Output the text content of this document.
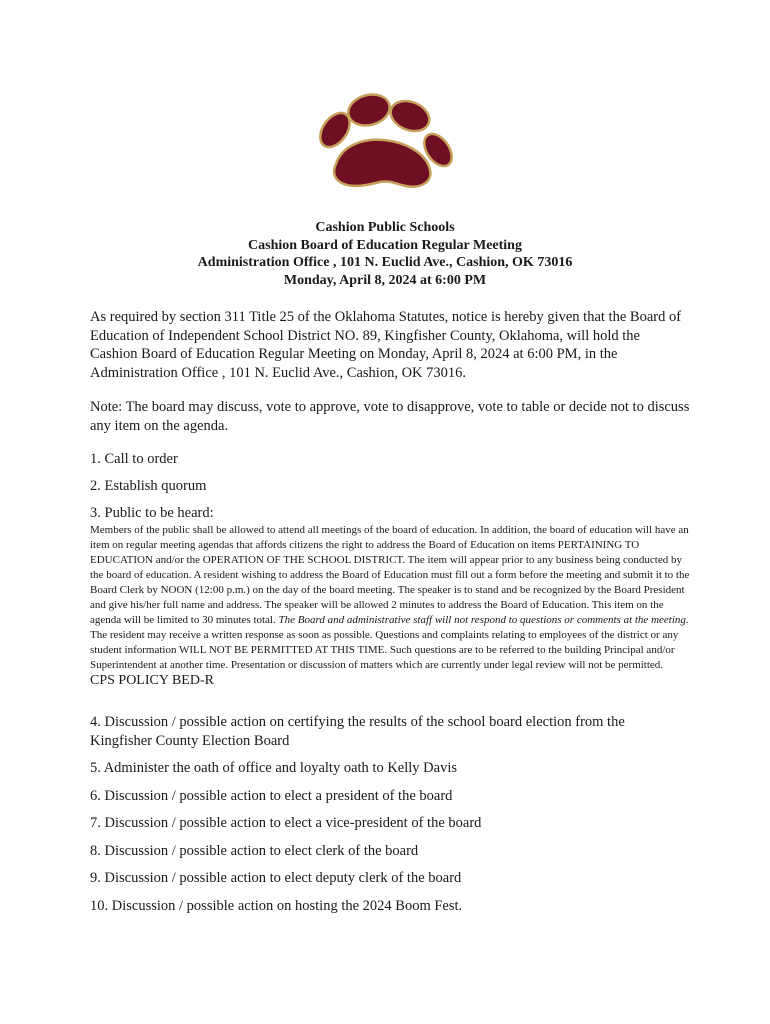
Cashion Public Schools
Cashion Board of Education Regular Meeting
Administration Office , 101 N. Euclid Ave., Cashion, OK 73016
Monday, April 8, 2024 at 6:00 PM

As required by section 311 Title 25 of the Oklahoma Statutes, notice is hereby given that the Board of Education of Independent School District NO. 89, Kingfisher County, Oklahoma, will hold the Cashion Board of Education Regular Meeting on Monday, April 8, 2024 at 6:00 PM, in the Administration Office , 101 N. Euclid Ave., Cashion, OK 73016.

Note: The board may discuss, vote to approve, vote to disapprove, vote to table or decide not to discuss any item on the agenda.

1. Call to order

2. Establish quorum

3. Public to be heard:

Members of the public shall be allowed to attend all meetings of the board of education. In addition, the board of education will have an item on regular meeting agendas that affords citizens the right to address the Board of Education on items PERTAINING TO EDUCATION and/or the OPERATION OF THE SCHOOL DISTRICT. The item will appear prior to any business being conducted by the board of education. A resident wishing to address the Board of Education must fill out a form before the meeting and submit it to the Board Clerk by NOON (12:00 p.m.) on the day of the board meeting. The speaker is to stand and be recognized by the Board President and give his/her full name and address. The speaker will be allowed 2 minutes to address the Board of Education. This item on the agenda will be limited to 30 minutes total. The Board and administrative staff will not respond to questions or comments at the meeting. The resident may receive a written response as soon as possible. Questions and complaints relating to employees of the district or any student information WILL NOT BE PERMITTED AT THIS TIME. Such questions are to be referred to the building Principal and/or Superintendent at another time. Presentation or discussion of matters which are currently under legal review will not be permitted. CPS POLICY BED-R

4. Discussion / possible action on certifying the results of the school board election from the Kingfisher County Election Board

5. Administer the oath of office and loyalty oath to Kelly Davis

6. Discussion / possible action to elect a president of the board

7. Discussion / possible action to elect a vice-president of the board

8. Discussion / possible action to elect clerk of the board

9. Discussion / possible action to elect deputy clerk of the board

10. Discussion / possible action on hosting the 2024 Boom Fest.
